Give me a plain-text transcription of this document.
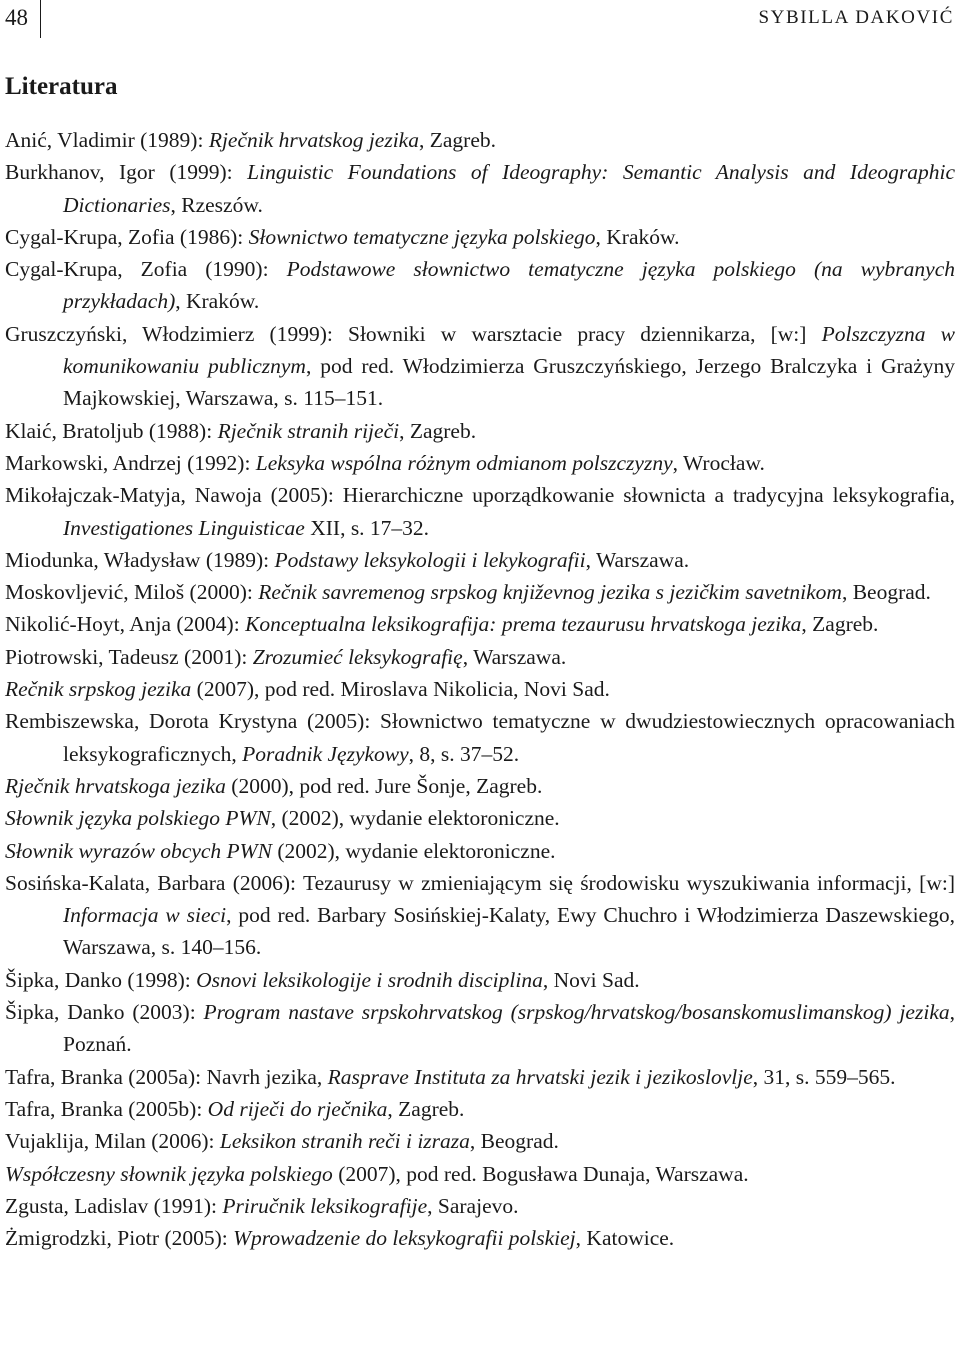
48	SYBILLA DAKOVIĆ
Literatura

Anić, Vladimir (1989): Rječnik hrvatskog jezika, Zagreb.

Burkhanov, Igor (1999): Linguistic Foundations of Ideography: Semantic Analysis and Ideographic Dictionaries, Rzeszów.

Cygal-Krupa, Zofia (1986): Słownictwo tematyczne języka polskiego, Kraków.

Cygal-Krupa, Zofia (1990): Podstawowe słownictwo tematyczne języka polskiego (na wybranych przykładach), Kraków.

Gruszczyński, Włodzimierz (1999): Słowniki w warsztacie pracy dziennikarza, [w:] Polszczyzna w komunikowaniu publicznym, pod red. Włodzimierza Gruszczyńskiego, Jerzego Bralczyka i Grażyny Majkowskiej, Warszawa, s. 115–151.

Klaić, Bratoljub (1988): Rječnik stranih riječi, Zagreb.

Markowski, Andrzej (1992): Leksyka wspólna różnym odmianom polszczyzny, Wrocław.

Mikołajczak-Matyja, Nawoja (2005): Hierarchiczne uporządkowanie słownicta a tradycyjna leksykografia, Investigationes Linguisticae XII, s. 17–32.

Miodunka, Władysław (1989): Podstawy leksykologii i lekykografii, Warszawa.

Moskovljević, Miloš (2000): Rečnik savremenog srpskog književnog jezika s jezičkim savetnikom, Beograd.

Nikolić-Hoyt, Anja (2004): Konceptualna leksikografija: prema tezaurusu hrvatskoga jezika, Zagreb.

Piotrowski, Tadeusz (2001): Zrozumieć leksykografię, Warszawa.

Rečnik srpskog jezika (2007), pod red. Miroslava Nikolicia, Novi Sad.

Rembiszewska, Dorota Krystyna (2005): Słownictwo tematyczne w dwudziestowiecznych opracowaniach leksykograficznych, Poradnik Językowy, 8, s. 37–52.

Rječnik hrvatskoga jezika (2000), pod red. Jure Šonje, Zagreb.

Słownik języka polskiego PWN, (2002), wydanie elektoroniczne.

Słownik wyrazów obcych PWN (2002), wydanie elektoroniczne.

Sosińska-Kalata, Barbara (2006): Tezaurusy w zmieniającym się środowisku wyszukiwania informacji, [w:] Informacja w sieci, pod red. Barbary Sosińskiej-Kalaty, Ewy Chuchro i Włodzimierza Daszewskiego, Warszawa, s. 140–156.

Šipka, Danko (1998): Osnovi leksikologije i srodnih disciplina, Novi Sad.

Šipka, Danko (2003): Program nastave srpskohrvatskog (srpskog/hrvatskog/bosanskomuslimanskog) jezika, Poznań.

Tafra, Branka (2005a): Navrh jezika, Rasprave Instituta za hrvatski jezik i jezikoslovlje, 31, s. 559–565.

Tafra, Branka (2005b): Od riječi do rječnika, Zagreb.

Vujaklija, Milan (2006): Leksikon stranih reči i izraza, Beograd.

Współczesny słownik języka polskiego (2007), pod red. Bogusława Dunaja, Warszawa.

Zgusta, Ladislav (1991): Priručnik leksikografije, Sarajevo.

Żmigrodzki, Piotr (2005): Wprowadzenie do leksykografii polskiej, Katowice.
